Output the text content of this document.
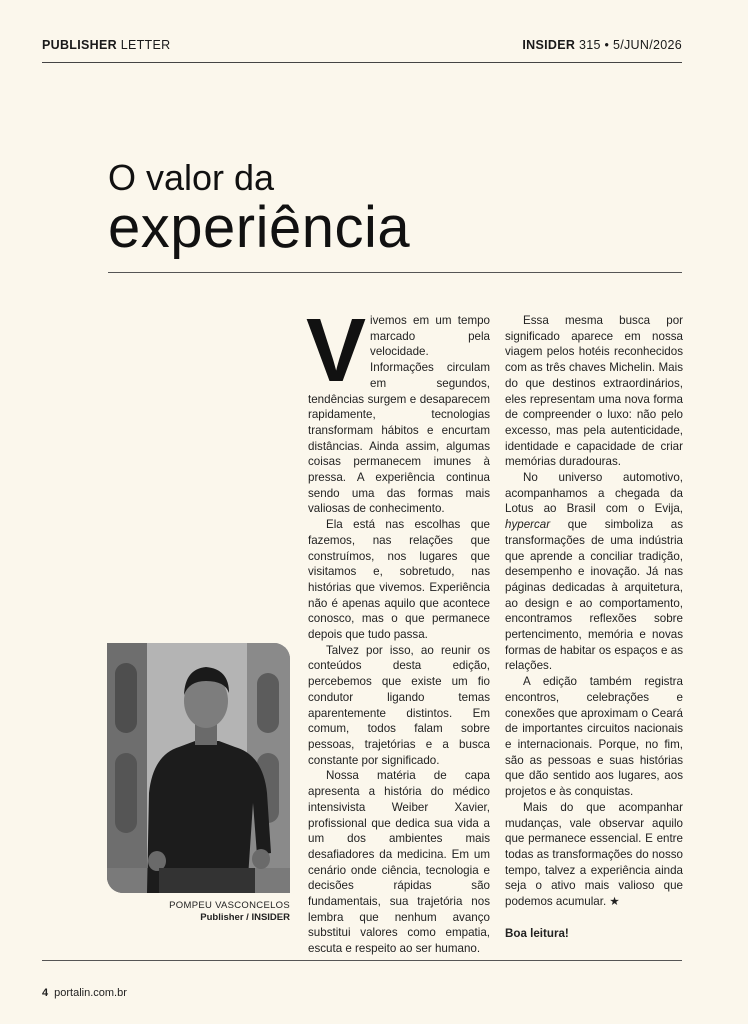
PUBLISHER LETTER	INSIDER 315 • 5/JUN/2026
O valor da
experiência
POMPEU VASCONCELOS
Publisher / INSIDER

Vivemos em um tempo marcado pela velocidade. Informações circulam em segundos, tendências surgem e desaparecem rapidamente, tecnologias transformam hábitos e encurtam distâncias. Ainda assim, algumas coisas permanecem imunes à pressa. A experiência continua sendo uma das formas mais valiosas de conhecimento.

Ela está nas escolhas que fazemos, nas relações que construímos, nos lugares que visitamos e, sobretudo, nas histórias que vivemos. Experiência não é apenas aquilo que acontece conosco, mas o que permanece depois que tudo passa.

Talvez por isso, ao reunir os conteúdos desta edição, percebemos que existe um fio condutor ligando temas aparentemente distintos. Em comum, todos falam sobre pessoas, trajetórias e a busca constante por significado.

Nossa matéria de capa apresenta a história do médico intensivista Weiber Xavier, profissional que dedica sua vida a um dos ambientes mais desafiadores da medicina. Em um cenário onde ciência, tecnologia e decisões rápidas são fundamentais, sua trajetória nos lembra que nenhum avanço substitui valores como empatia, escuta e respeito ao ser humano.

Essa mesma busca por significado aparece em nossa viagem pelos hotéis reconhecidos com as três chaves Michelin. Mais do que destinos extraordinários, eles representam uma nova forma de compreender o luxo: não pelo excesso, mas pela autenticidade, identidade e capacidade de criar memórias duradouras.

No universo automotivo, acompanhamos a chegada da Lotus ao Brasil com o Evija, hypercar que simboliza as transformações de uma indústria que aprende a conciliar tradição, desempenho e inovação. Já nas páginas dedicadas à arquitetura, ao design e ao comportamento, encontramos reflexões sobre pertencimento, memória e novas formas de habitar os espaços e as relações.

A edição também registra encontros, celebrações e conexões que aproximam o Ceará de importantes circuitos nacionais e internacionais. Porque, no fim, são as pessoas e suas histórias que dão sentido aos lugares, aos projetos e às conquistas.

Mais do que acompanhar mudanças, vale observar aquilo que permanece essencial. E entre todas as transformações do nosso tempo, talvez a experiência ainda seja o ativo mais valioso que podemos acumular. ★

Boa leitura!

4 portalin.com.br
